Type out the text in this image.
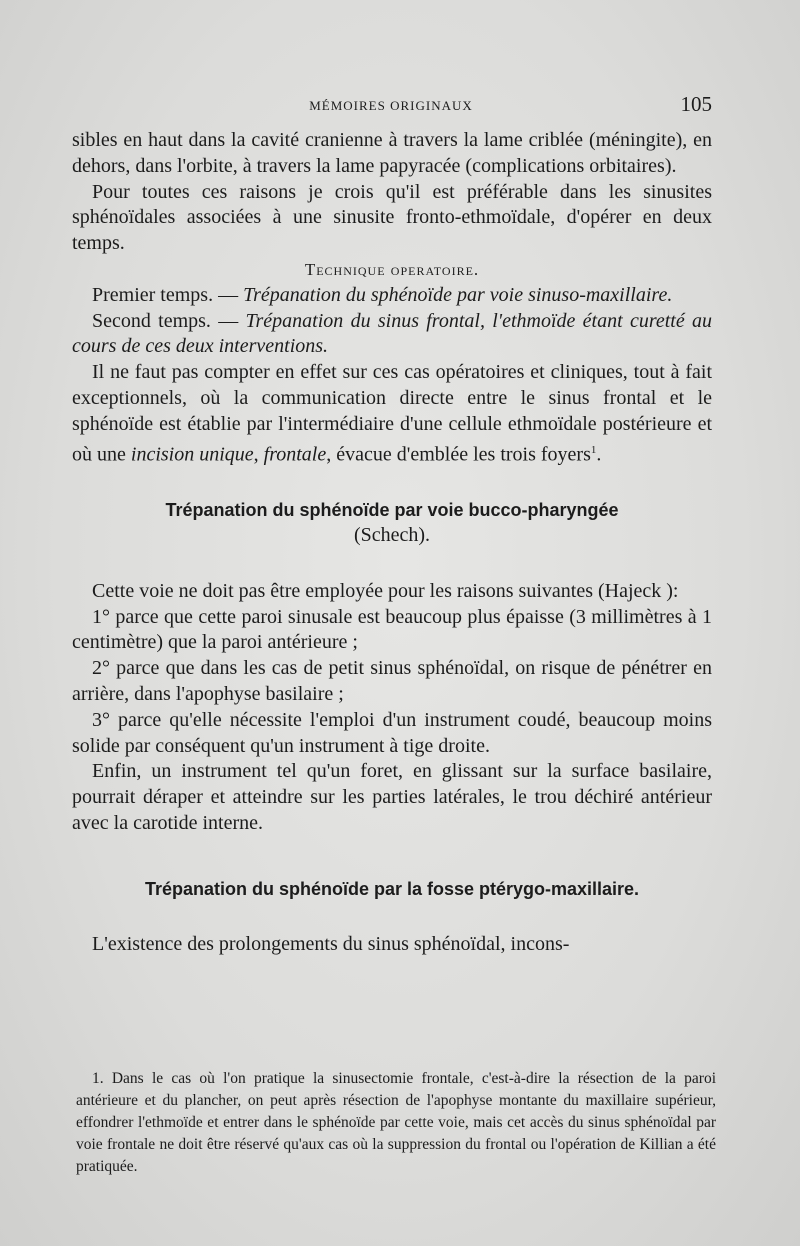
MÉMOIRES ORIGINAUX	105

sibles en haut dans la cavité cranienne à travers la lame criblée (méningite), en dehors, dans l'orbite, à travers la lame papyracée (complications orbitaires).

Pour toutes ces raisons je crois qu'il est préférable dans les sinusites sphénoïdales associées à une sinusite fronto-ethmoïdale, d'opérer en deux temps.

Technique operatoire.

Premier temps. — Trépanation du sphénoïde par voie sinuso-maxillaire.

Second temps. — Trépanation du sinus frontal, l'ethmoïde étant curetté au cours de ces deux interventions.

Il ne faut pas compter en effet sur ces cas opératoires et cliniques, tout à fait exceptionnels, où la communication directe entre le sinus frontal et le sphénoïde est établie par l'intermédiaire d'une cellule ethmoïdale postérieure et où une incision unique, frontale, évacue d'emblée les trois foyers$^1$.

Trépanation du sphénoïde par voie bucco-pharyngée

(Schech).

Cette voie ne doit pas être employée pour les raisons suivantes (Hajeck ):

1° parce que cette paroi sinusale est beaucoup plus épaisse (3 millimètres à 1 centimètre) que la paroi antérieure ;

2° parce que dans les cas de petit sinus sphénoïdal, on risque de pénétrer en arrière, dans l'apophyse basilaire ;

3° parce qu'elle nécessite l'emploi d'un instrument coudé, beaucoup moins solide par conséquent qu'un instrument à tige droite.

Enfin, un instrument tel qu'un foret, en glissant sur la surface basilaire, pourrait déraper et atteindre sur les parties latérales, le trou déchiré antérieur avec la carotide interne.

Trépanation du sphénoïde par la fosse ptérygo-maxillaire.

L'existence des prolongements du sinus sphénoïdal, incons-

1. Dans le cas où l'on pratique la sinusectomie frontale, c'est-à-dire la résection de la paroi antérieure et du plancher, on peut après résection de l'apophyse montante du maxillaire supérieur, effondrer l'ethmoïde et entrer dans le sphénoïde par cette voie, mais cet accès du sinus sphénoïdal par voie frontale ne doit être réservé qu'aux cas où la suppression du frontal ou l'opération de Killian a été pratiquée.
